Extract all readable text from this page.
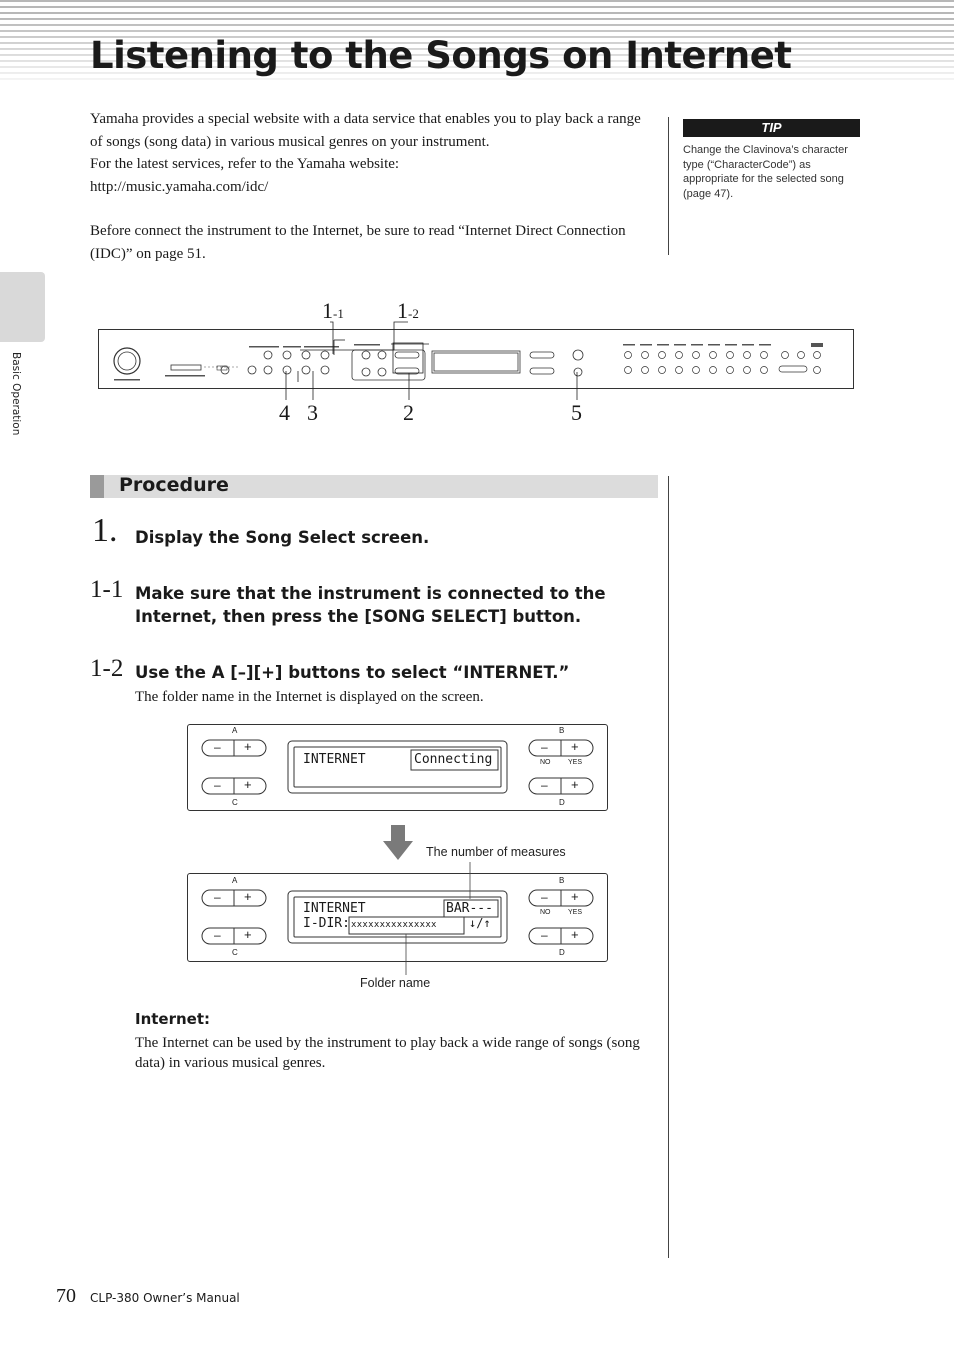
Listening to the Songs on Internet
Basic Operation

Yamaha provides a special website with a data service that enables you to play back a range of songs (song data) in various musical genres on your instrument.

For the latest services, refer to the Yamaha website:

http://music.yamaha.com/idc/

Before connect the instrument to the Internet, be sure to read “Internet Direct Connection (IDC)” on page 51.

TIP
Change the Clavinova’s character type (“CharacterCode”) as appropriate for the selected song (page 47).
1-1 1-2
4 3	2	5
Procedure
1. Display the Song Select screen.
1-1 Make sure that the instrument is connected to the Internet, then press the [SONG SELECT] button.
1-2 Use the A [–][+] buttons to select “INTERNET.”
The folder name in the Internet is displayed on the screen.
A	B
C	D
– +
– +
– +
– +
NO	YES
INTERNET	Connecting
The number of measures
A	B
C	D
– +
– +
– +
– +
NO	YES
INTERNET	BAR---
I-DIR: xxxxxxxxxxxxxxx	↓/↑
Folder name
Internet:
The Internet can be used by the instrument to play back a wide range of songs (song data) in various musical genres.
70 CLP-380 Owner’s Manual
